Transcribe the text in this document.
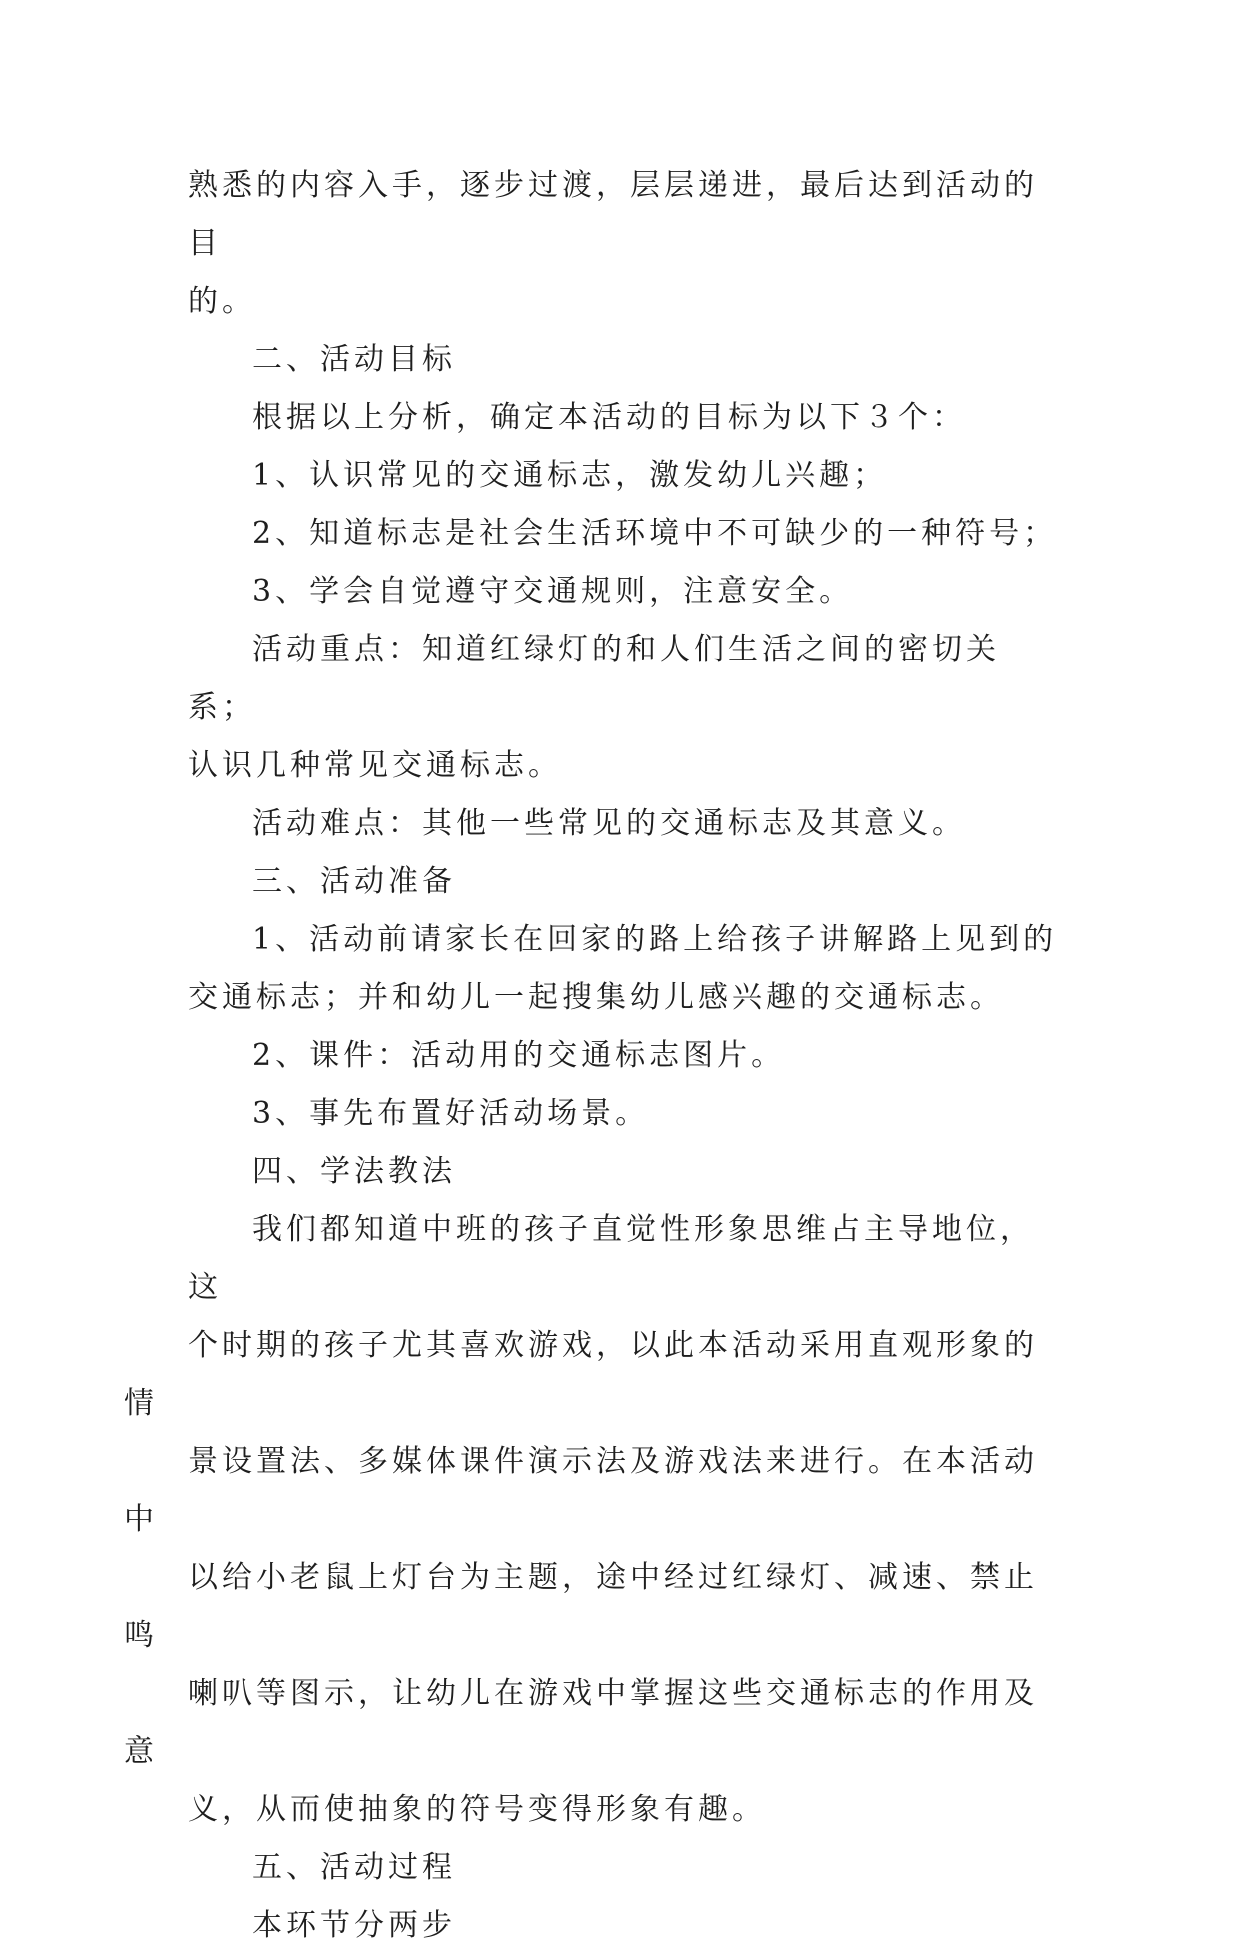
熟悉的内容入手，逐步过渡，层层递进，最后达到活动的目
的。

二、活动目标

根据以上分析，确定本活动的目标为以下３个：

1、认识常见的交通标志，激发幼儿兴趣；

2、知道标志是社会生活环境中不可缺少的一种符号；

3、学会自觉遵守交通规则，注意安全。

活动重点：知道红绿灯的和人们生活之间的密切关系；
认识几种常见交通标志。

活动难点：其他一些常见的交通标志及其意义。

三、活动准备

1、活动前请家长在回家的路上给孩子讲解路上见到的
交通标志；并和幼儿一起搜集幼儿感兴趣的交通标志。

2、课件：活动用的交通标志图片。

3、事先布置好活动场景。

四、学法教法

我们都知道中班的孩子直觉性形象思维占主导地位，这
个时期的孩子尤其喜欢游戏，以此本活动采用直观形象的情
景设置法、多媒体课件演示法及游戏法来进行。在本活动中
以给小老鼠上灯台为主题，途中经过红绿灯、减速、禁止鸣
喇叭等图示，让幼儿在游戏中掌握这些交通标志的作用及意
义，从而使抽象的符号变得形象有趣。

五、活动过程

本环节分两步
